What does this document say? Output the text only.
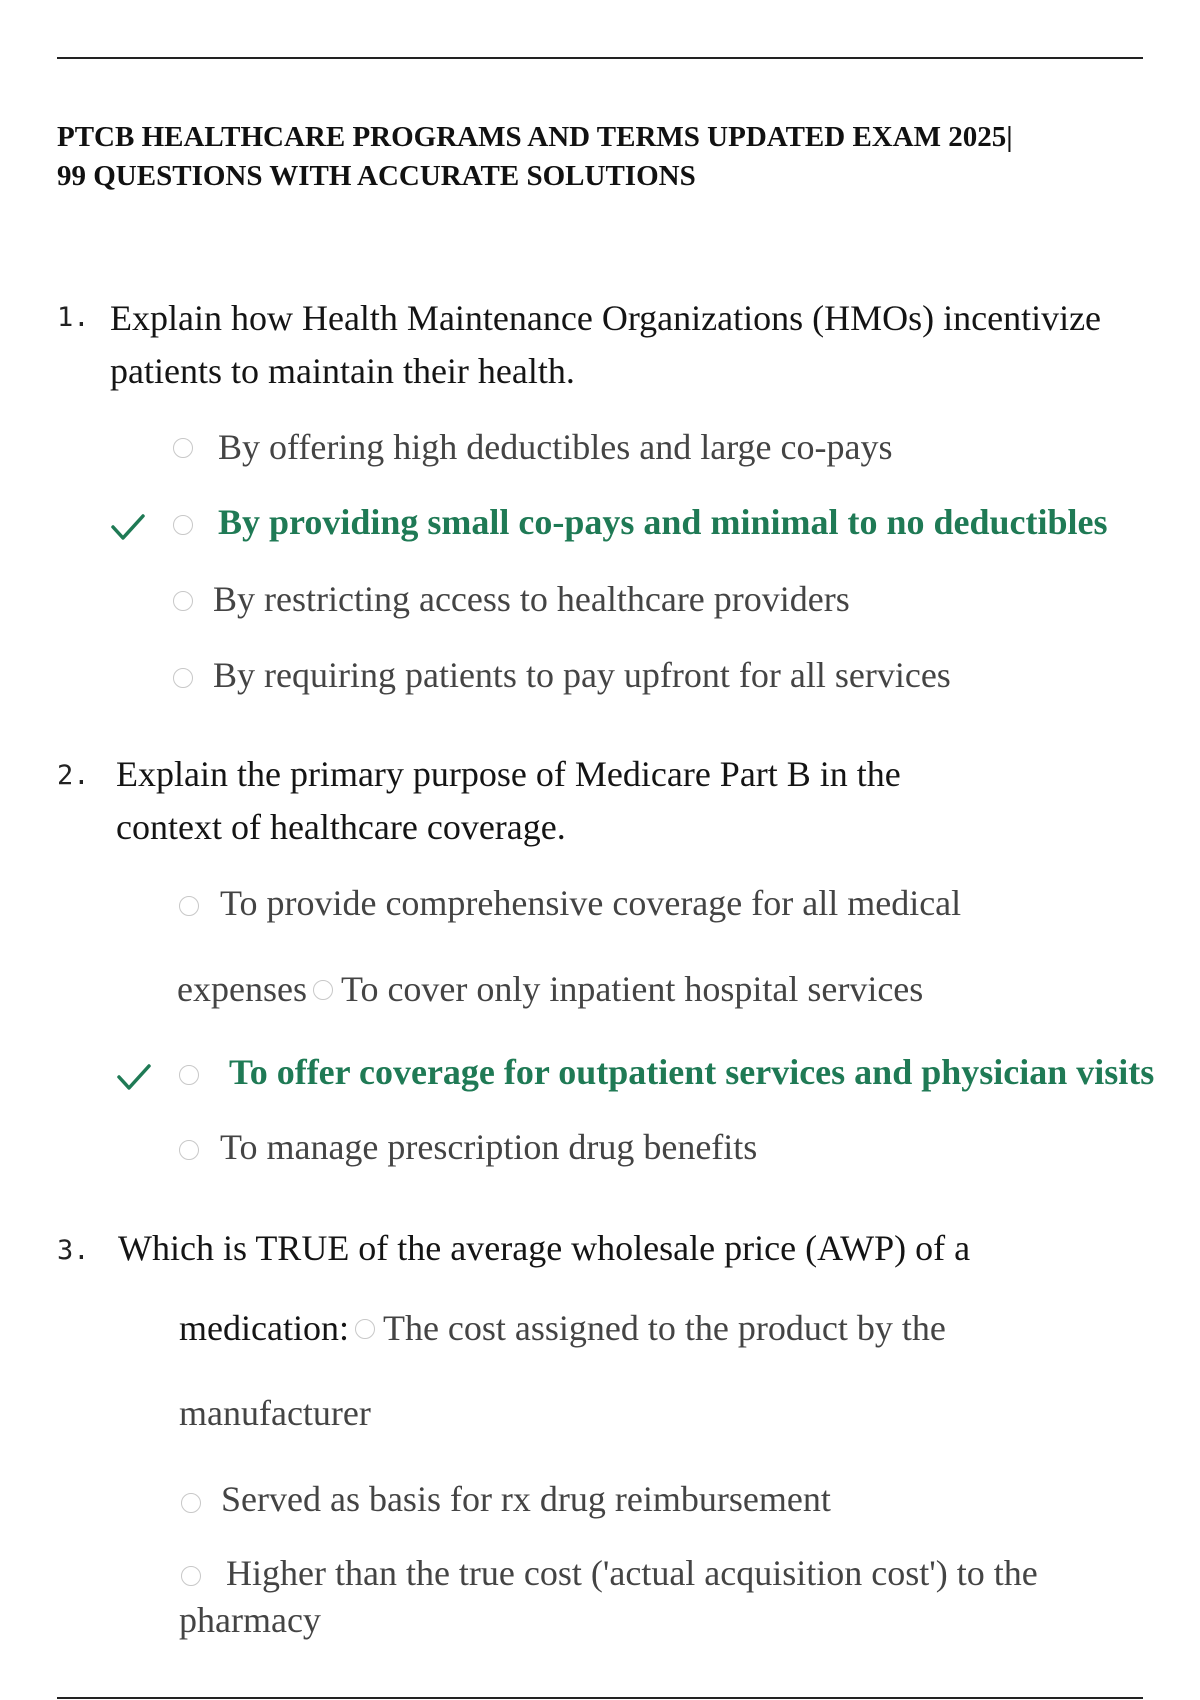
PTCB HEALTHCARE PROGRAMS AND TERMS UPDATED EXAM 2025|
99 QUESTIONS WITH ACCURATE SOLUTIONS
1. Explain how Health Maintenance Organizations (HMOs) incentivize
patients to maintain their health.
By offering high deductibles and large co-pays
By providing small co-pays and minimal to no deductibles
By restricting access to healthcare providers
By requiring patients to pay upfront for all services
2. Explain the primary purpose of Medicare Part B in the
context of healthcare coverage.
To provide comprehensive coverage for all medical
expenses To cover only inpatient hospital services
To offer coverage for outpatient services and physician visits
To manage prescription drug benefits
3. Which is TRUE of the average wholesale price (AWP) of a
medication: The cost assigned to the product by the
manufacturer
Served as basis for rx drug reimbursement
Higher than the true cost ('actual acquisition cost') to the
pharmacy
